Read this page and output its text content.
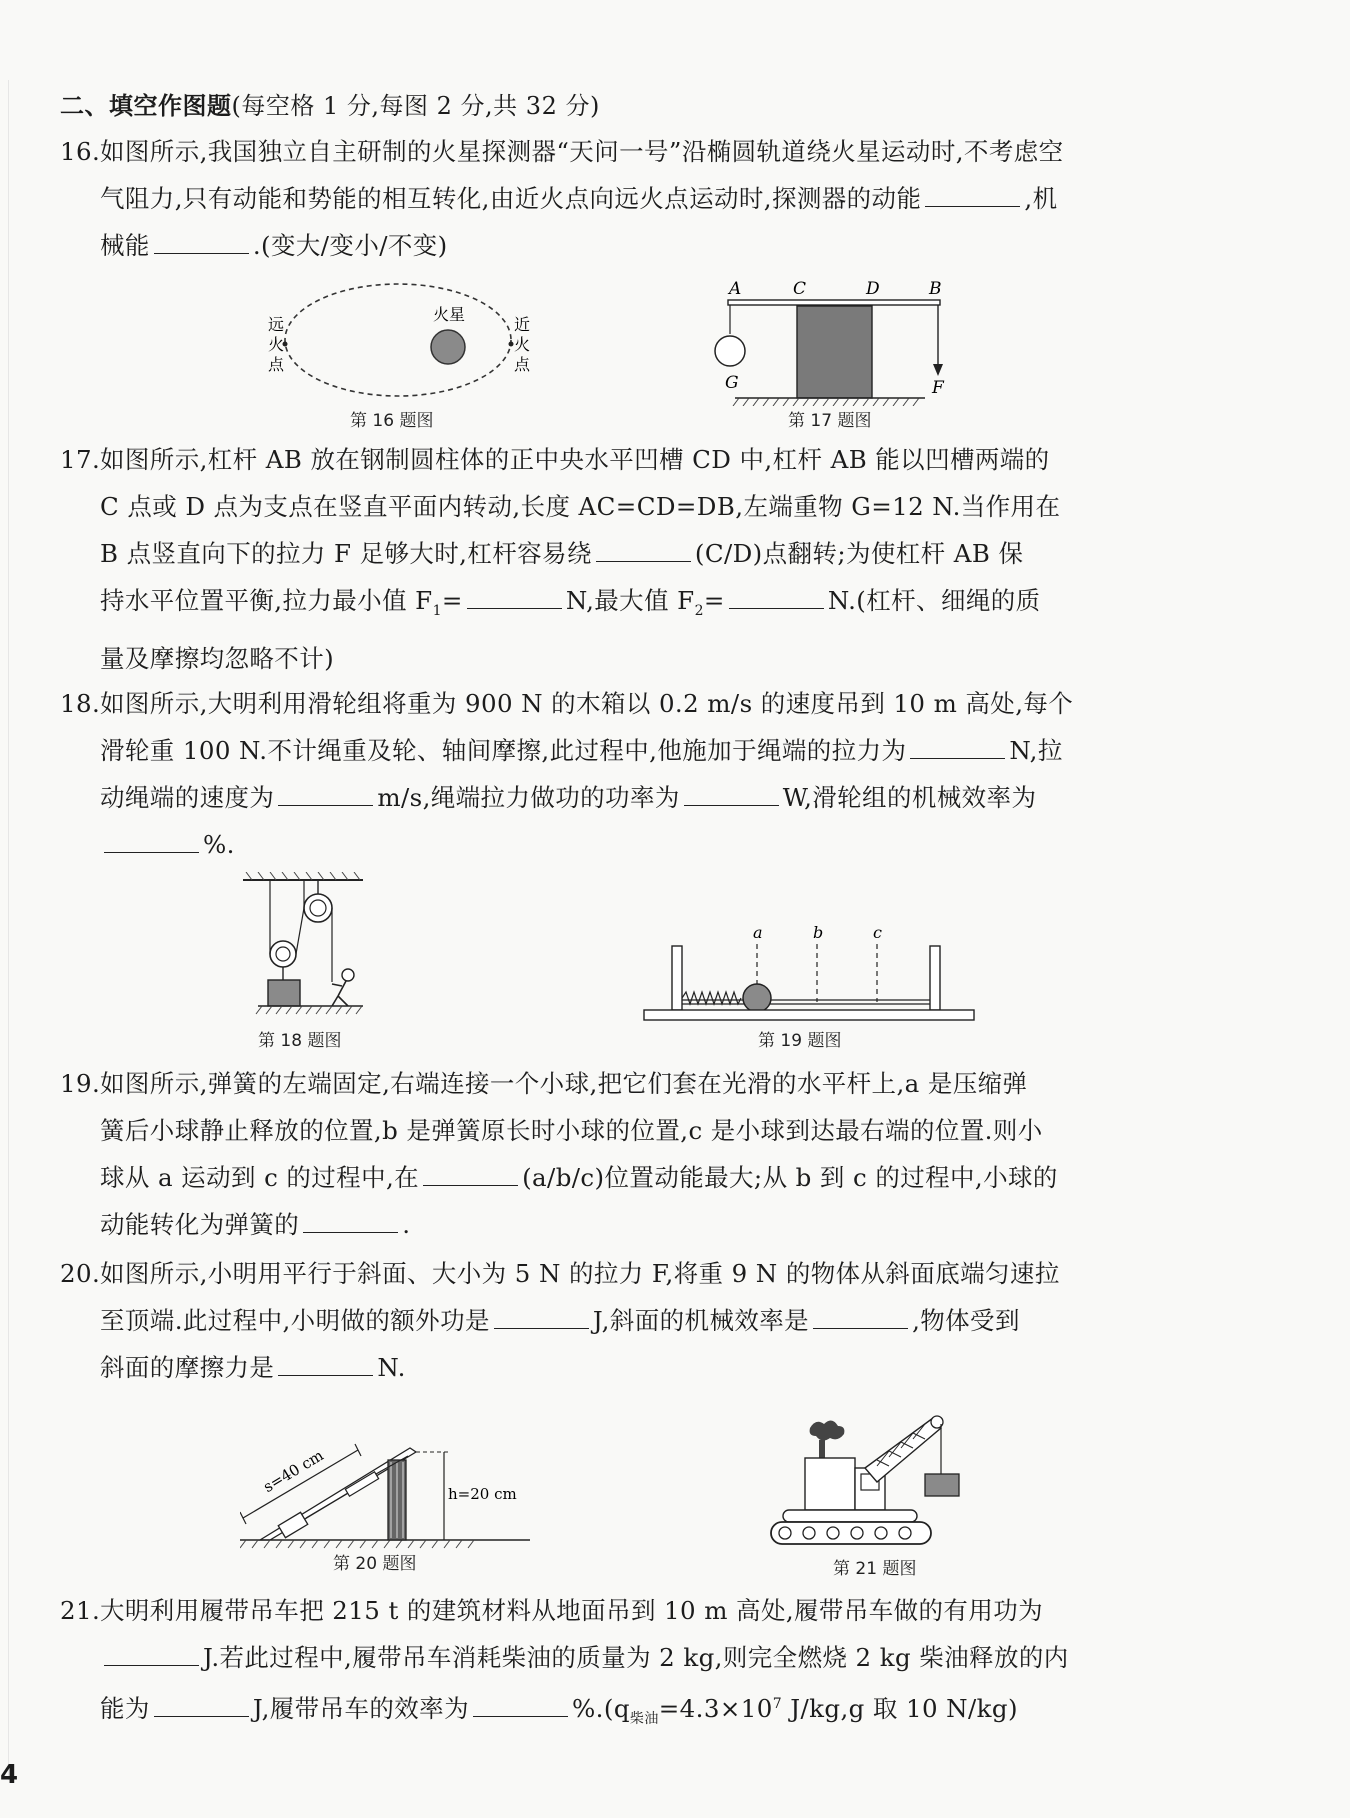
二、填空作图题(每空格 1 分,每图 2 分,共 32 分)
16. 如图所示,我国独立自主研制的火星探测器“天问一号”沿椭圆轨道绕火星运动时,不考虑空
气阻力,只有动能和势能的相互转化,由近火点向远火点运动时,探测器的动能	,机
械能	.(变大/变小/不变)
火星
远
火
点
近
火
点
第 16 题图
A	C	D	B
G	F
第 17 题图
17. 如图所示,杠杆 AB 放在钢制圆柱体的正中央水平凹槽 CD 中,杠杆 AB 能以凹槽两端的
C 点或 D 点为支点在竖直平面内转动,长度 AC=CD=DB,左端重物 G=12 N.当作用在
B 点竖直向下的拉力 F 足够大时,杠杆容易绕	(C/D)点翻转;为使杠杆 AB 保
持水平位置平衡,拉力最小值 $F_1=$	N,最大值 $F_2=$	N.(杠杆、细绳的质
量及摩擦均忽略不计)
18. 如图所示,大明利用滑轮组将重为 900 N 的木箱以 0.2 m/s 的速度吊到 10 m 高处,每个
滑轮重 100 N.不计绳重及轮、轴间摩擦,此过程中,他施加于绳端的拉力为	N,拉
动绳端的速度为	m/s,绳端拉力做功的功率为	W,滑轮组的机械效率为
%.
第 18 题图
a	b	c
第 19 题图
19. 如图所示,弹簧的左端固定,右端连接一个小球,把它们套在光滑的水平杆上,a 是压缩弹
簧后小球静止释放的位置,b 是弹簧原长时小球的位置,c 是小球到达最右端的位置.则小
球从 a 运动到 c 的过程中,在	(a/b/c)位置动能最大;从 b 到 c 的过程中,小球的
动能转化为弹簧的	.
20. 如图所示,小明用平行于斜面、大小为 5 N 的拉力 F,将重 9 N 的物体从斜面底端匀速拉
至顶端.此过程中,小明做的额外功是	J,斜面的机械效率是	,物体受到
斜面的摩擦力是	N.
s=40 cm	h=20 cm
第 20 题图	第 21 题图
21. 大明利用履带吊车把 215 t 的建筑材料从地面吊到 10 m 高处,履带吊车做的有用功为
J.若此过程中,履带吊车消耗柴油的质量为 2 kg,则完全燃烧 2 kg 柴油释放的内
能为	J,履带吊车的效率为	$\%.(q_{柴油}=4.3\times 10^7$ J/kg,g 取 10 N/kg)
4
